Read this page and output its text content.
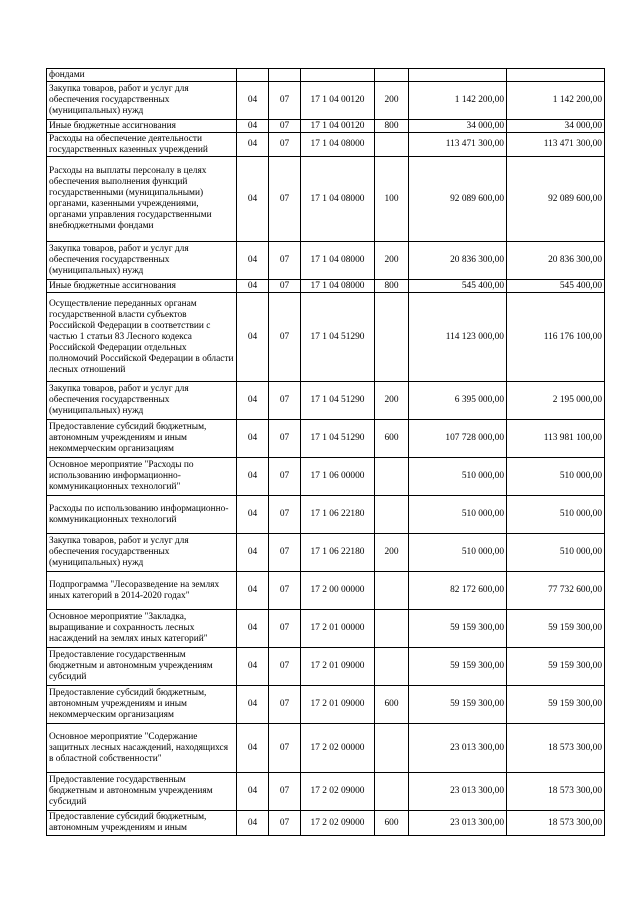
фондами						
Закупка товаров, работ и услуг для обеспечения государственных (муниципальных) нужд	04	07	17 1 04 00120	200	1 142 200,00	1 142 200,00
Иные бюджетные ассигнования	04	07	17 1 04 00120	800	34 000,00	34 000,00
Расходы на обеспечение деятельности государственных казенных учреждений	04	07	17 1 04 08000		113 471 300,00	113 471 300,00
Расходы на выплаты персоналу в целях обеспечения выполнения функций государственными (муниципальными) органами, казенными учреждениями, органами управления государственными внебюджетными фондами	04	07	17 1 04 08000	100	92 089 600,00	92 089 600,00
Закупка товаров, работ и услуг для обеспечения государственных (муниципальных) нужд	04	07	17 1 04 08000	200	20 836 300,00	20 836 300,00
Иные бюджетные ассигнования	04	07	17 1 04 08000	800	545 400,00	545 400,00
Осуществление переданных органам государственной власти субъектов Российской Федерации в соответствии с частью 1 статьи 83 Лесного кодекса Российской Федерации отдельных полномочий Российской Федерации в области лесных отношений	04	07	17 1 04 51290		114 123 000,00	116 176 100,00
Закупка товаров, работ и услуг для обеспечения государственных (муниципальных) нужд	04	07	17 1 04 51290	200	6 395 000,00	2 195 000,00
Предоставление субсидий бюджетным, автономным учреждениям и иным некоммерческим организациям	04	07	17 1 04 51290	600	107 728 000,00	113 981 100,00
Основное мероприятие "Расходы по использованию информационно-коммуникационных технологий"	04	07	17 1 06 00000		510 000,00	510 000,00
Расходы по использованию информационно-коммуникационных технологий	04	07	17 1 06 22180		510 000,00	510 000,00
Закупка товаров, работ и услуг для обеспечения государственных (муниципальных) нужд	04	07	17 1 06 22180	200	510 000,00	510 000,00
Подпрограмма "Лесоразведение на землях иных категорий в 2014-2020 годах"	04	07	17 2 00 00000		82 172 600,00	77 732 600,00
Основное мероприятие "Закладка, выращивание и сохранность лесных насаждений на землях иных категорий"	04	07	17 2 01 00000		59 159 300,00	59 159 300,00
Предоставление государственным бюджетным и автономным учреждениям субсидий	04	07	17 2 01 09000		59 159 300,00	59 159 300,00
Предоставление субсидий бюджетным, автономным учреждениям и иным некоммерческим организациям	04	07	17 2 01 09000	600	59 159 300,00	59 159 300,00
Основное мероприятие "Содержание защитных лесных насаждений, находящихся в областной собственности"	04	07	17 2 02 00000		23 013 300,00	18 573 300,00
Предоставление государственным бюджетным и автономным учреждениям субсидий	04	07	17 2 02 09000		23 013 300,00	18 573 300,00
Предоставление субсидий бюджетным, автономным учреждениям и иным	04	07	17 2 02 09000	600	23 013 300,00	18 573 300,00
